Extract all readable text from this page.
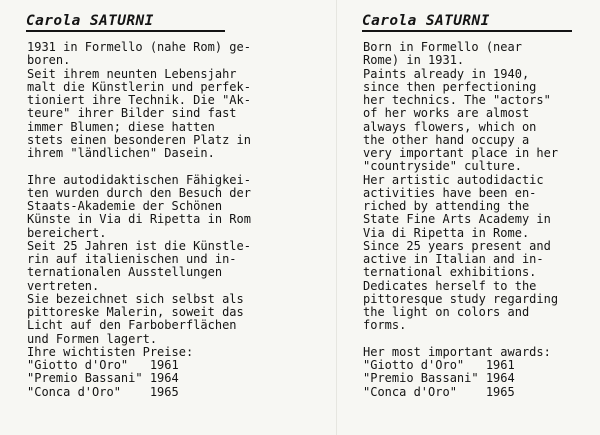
Carola SATURNI
1931 in Formello (nahe Rom) ge-
boren.
Seit ihrem neunten Lebensjahr
malt die Künstlerin und perfek-
tioniert ihre Technik. Die "Ak-
teure" ihrer Bilder sind fast
immer Blumen; diese hatten
stets einen besonderen Platz in
ihrem "ländlichen" Dasein.
Ihre autodidaktischen Fähigkei-
ten wurden durch den Besuch der
Staats-Akademie der Schönen
Künste in Via di Ripetta in Rom
bereichert.
Seit 25 Jahren ist die Künstle-
rin auf italienischen und in-
ternationalen Ausstellungen
vertreten.
Sie bezeichnet sich selbst als
pittoreske Malerin, soweit das
Licht auf den Farboberflächen
und Formen lagert.
Ihre wichtisten Preise:
"Giotto d'Oro"   1961
"Premio Bassani" 1964
"Conca d'Oro"    1965
Carola SATURNI
Born in Formello (near
Rome) in 1931.
Paints already in 1940,
since then perfectioning
her technics. The "actors"
of her works are almost
always flowers, which on
the other hand occupy a
very important place in her
"countryside" culture.
Her artistic autodidactic
activities have been en-
riched by attending the
State Fine Arts Academy in
Via di Ripetta in Rome.
Since 25 years present and
active in Italian and in-
ternational exhibitions.
Dedicates herself to the
pittoresque study regarding
the light on colors and
forms.
Her most important awards:
"Giotto d'Oro"   1961
"Premio Bassani" 1964
"Conca d'Oro"    1965
